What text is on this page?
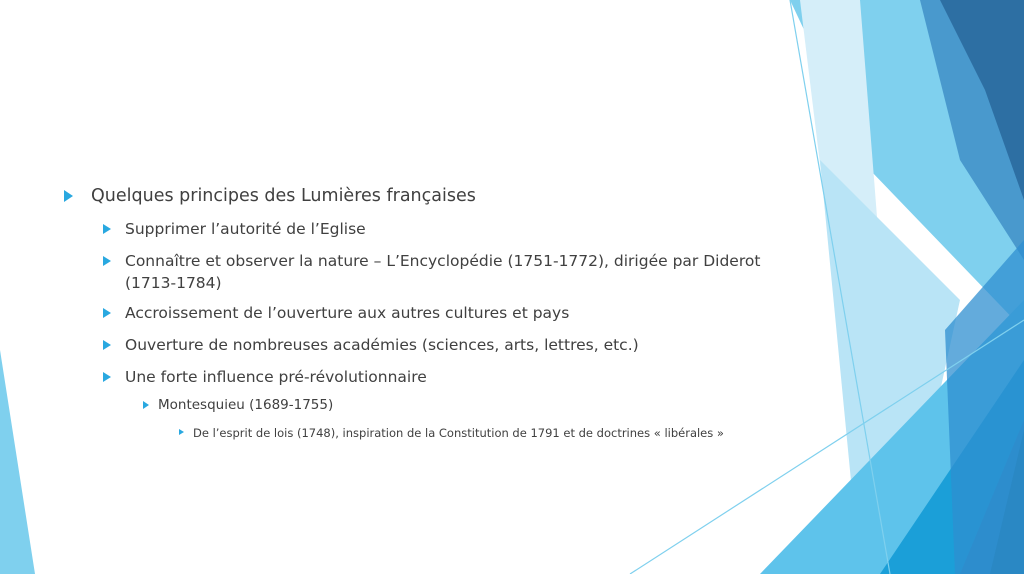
Quelques principes des Lumières françaises
Supprimer l’autorité de l’Eglise
Connaître et observer la nature – L’Encyclopédie (1751-1772), dirigée par Diderot (1713-1784)
Accroissement de l’ouverture aux autres cultures et pays
Ouverture de nombreuses académies (sciences, arts, lettres, etc.)
Une forte influence pré-révolutionnaire
Montesquieu (1689-1755)
De l’esprit de lois (1748), inspiration de la Constitution de 1791 et de doctrines « libérales »
